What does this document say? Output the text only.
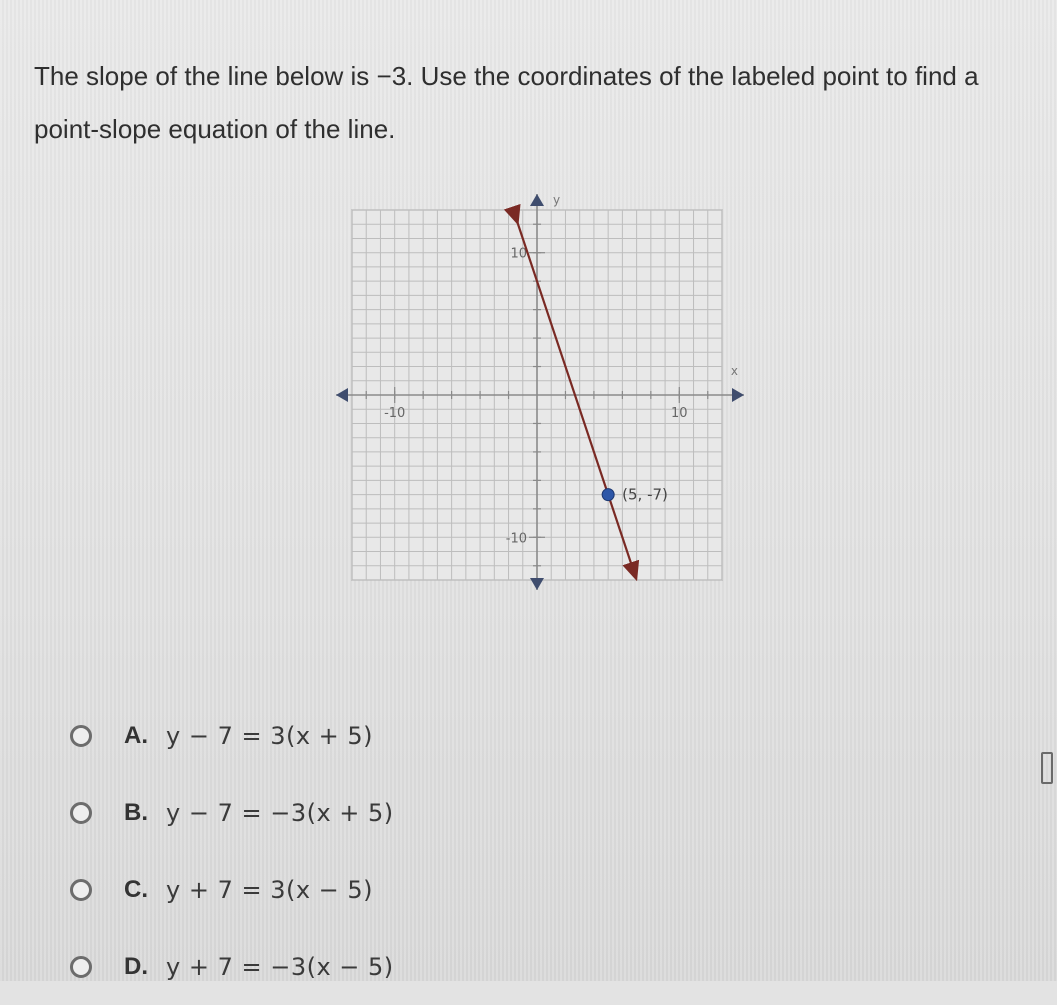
The slope of the line below is −3. Use the coordinates of the labeled point to find a point-slope equation of the line.
x
y
-10	10
10
-10
(5, -7)
A. y − 7 = 3(x + 5)
B. y − 7 = −3(x + 5)
C. y + 7 = 3(x − 5)
D. y + 7 = −3(x − 5)
